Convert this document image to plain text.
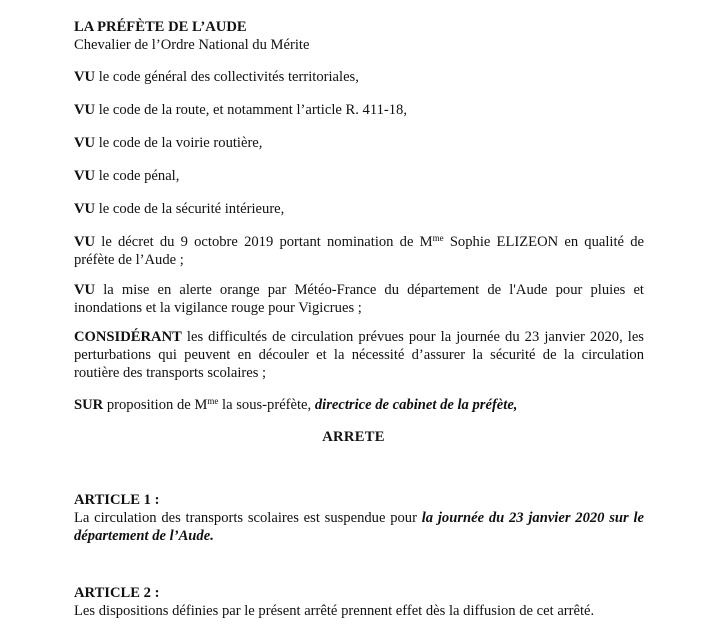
LA PRÉFÈTE DE L’AUDE
Chevalier de l’Ordre National du Mérite

VU le code général des collectivités territoriales,

VU le code de la route, et notamment l’article R. 411-18,

VU le code de la voirie routière,

VU le code pénal,

VU le code de la sécurité intérieure,

VU le décret du 9 octobre 2019 portant nomination de $M^{me}$ Sophie ELIZEON en qualité de préfète de l’Aude ;

VU la mise en alerte orange par Météo-France du département de l'Aude pour pluies et inondations et la vigilance rouge pour Vigicrues ;

CONSIDÉRANT les difficultés de circulation prévues pour la journée du 23 janvier 2020, les perturbations qui peuvent en découler et la nécessité d’assurer la sécurité de la circulation routière des transports scolaires ;

SUR proposition de $M^{me}$ la sous-préfète, directrice de cabinet de la préfète,

ARRETE
ARTICLE 1 :
La circulation des transports scolaires est suspendue pour la journée du 23 janvier 2020 sur le département de l’Aude.
ARTICLE 2 :
Les dispositions définies par le présent arrêté prennent effet dès la diffusion de cet arrêté.
